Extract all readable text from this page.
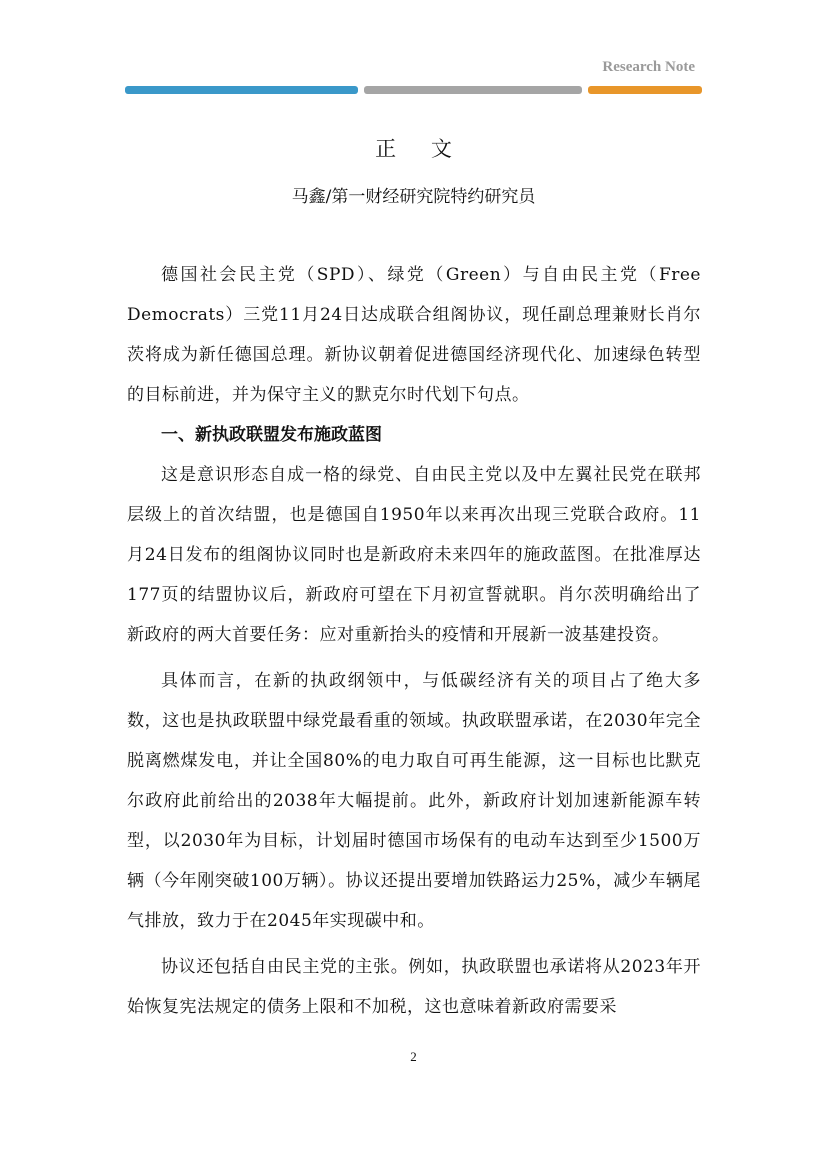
Research Note
正 文
马鑫/第一财经研究院特约研究员

德国社会民主党（SPD）、绿党（Green）与自由民主党（Free Democrats）三党11月24日达成联合组阁协议，现任副总理兼财长肖尔茨将成为新任德国总理。新协议朝着促进德国经济现代化、加速绿色转型的目标前进，并为保守主义的默克尔时代划下句点。

一、新执政联盟发布施政蓝图

这是意识形态自成一格的绿党、自由民主党以及中左翼社民党在联邦层级上的首次结盟，也是德国自1950年以来再次出现三党联合政府。11月24日发布的组阁协议同时也是新政府未来四年的施政蓝图。在批准厚达177页的结盟协议后，新政府可望在下月初宣誓就职。肖尔茨明确给出了新政府的两大首要任务：应对重新抬头的疫情和开展新一波基建投资。

具体而言，在新的执政纲领中，与低碳经济有关的项目占了绝大多数，这也是执政联盟中绿党最看重的领域。执政联盟承诺，在2030年完全脱离燃煤发电，并让全国80%的电力取自可再生能源，这一目标也比默克尔政府此前给出的2038年大幅提前。此外，新政府计划加速新能源车转型，以2030年为目标，计划届时德国市场保有的电动车达到至少1500万辆（今年刚突破100万辆）。协议还提出要增加铁路运力25%，减少车辆尾气排放，致力于在2045年实现碳中和。

协议还包括自由民主党的主张。例如，执政联盟也承诺将从2023年开始恢复宪法规定的债务上限和不加税，这也意味着新政府需要采

2
